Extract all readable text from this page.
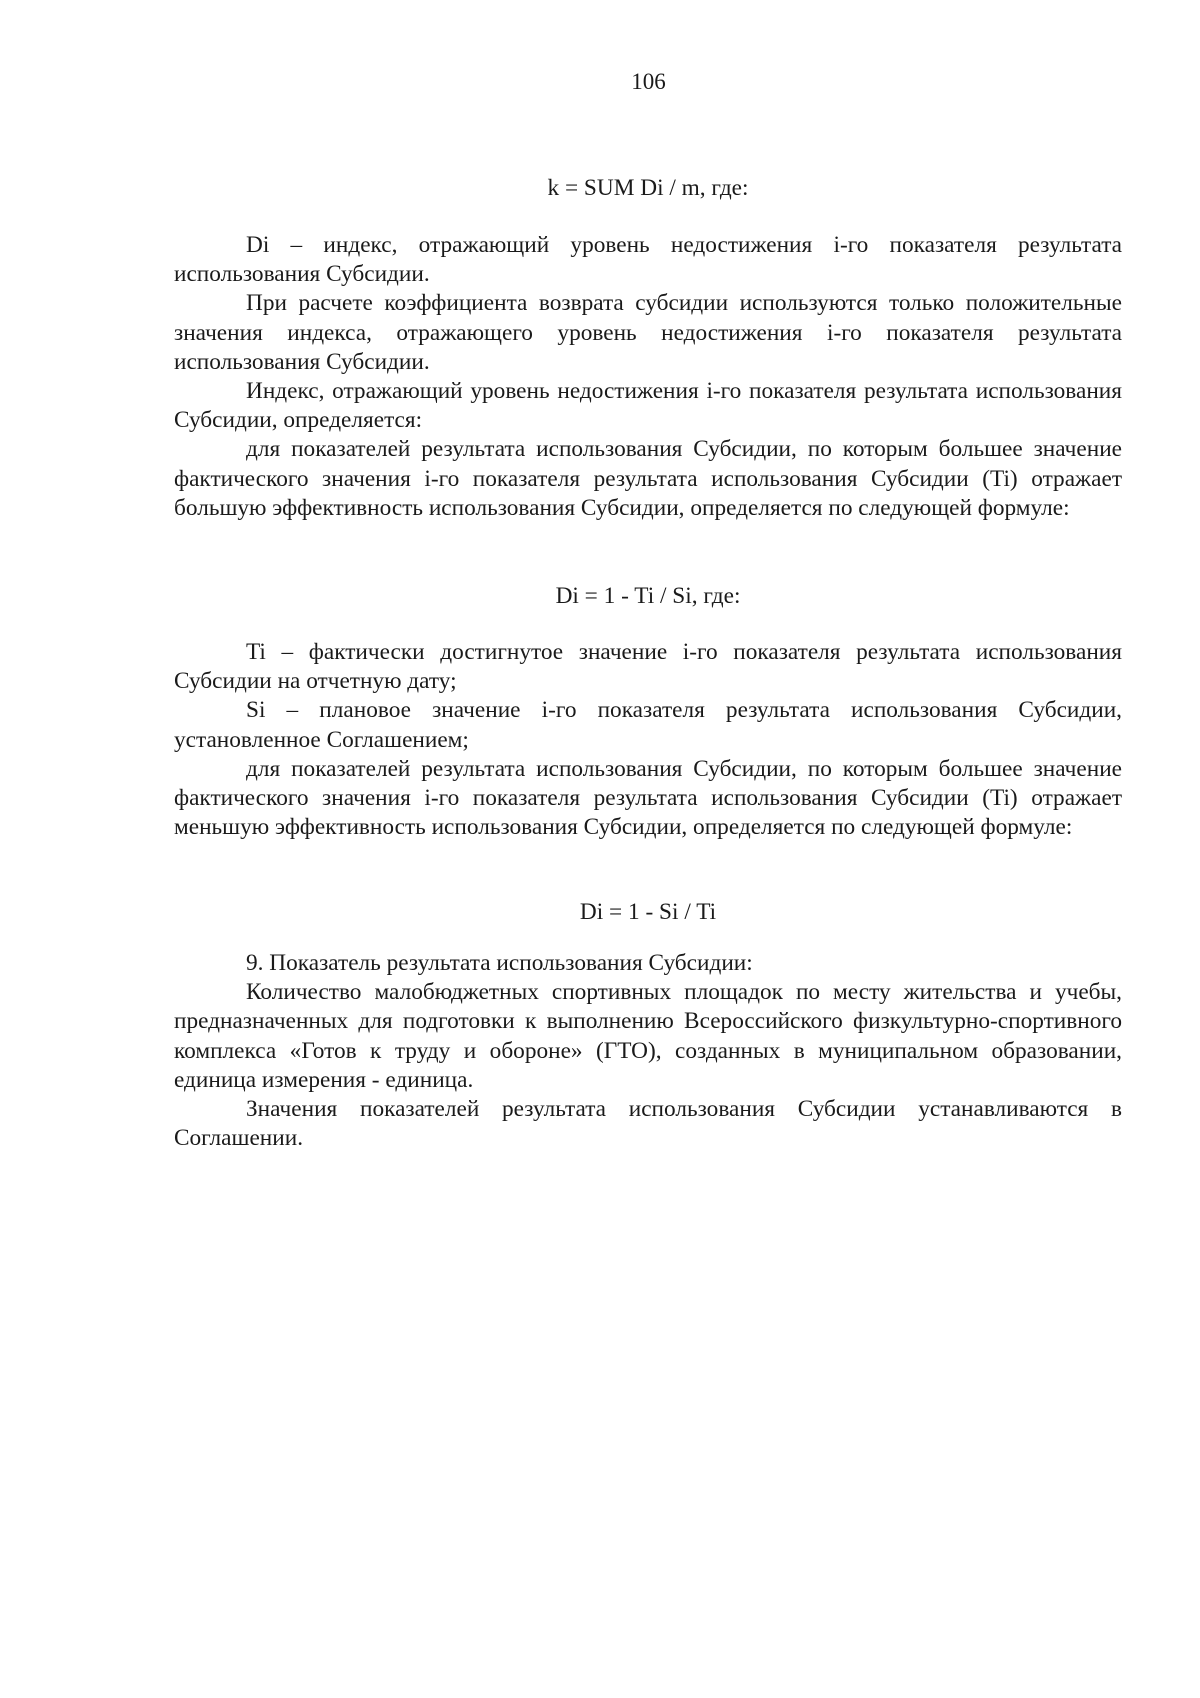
106
k = SUM Di / m, где:

Di – индекс, отражающий уровень недостижения i-го показателя результата использования Субсидии.

При расчете коэффициента возврата субсидии используются только положительные значения индекса, отражающего уровень недостижения i-го показателя результата использования Субсидии.

Индекс, отражающий уровень недостижения i-го показателя результата использования Субсидии, определяется:

для показателей результата использования Субсидии, по которым большее значение фактического значения i-го показателя результата использования Субсидии (Ti) отражает большую эффективность использования Субсидии, определяется по следующей формуле:

Ti – фактически достигнутое значение i-го показателя результата использования Субсидии на отчетную дату;

Si – плановое значение i-го показателя результата использования Субсидии, установленное Соглашением;

для показателей результата использования Субсидии, по которым большее значение фактического значения i-го показателя результата использования Субсидии (Ti) отражает меньшую эффективность использования Субсидии, определяется по следующей формуле:

9. Показатель результата использования Субсидии:

Количество малобюджетных спортивных площадок по месту жительства и учебы, предназначенных для подготовки к выполнению Всероссийского физкультурно-спортивного комплекса «Готов к труду и обороне» (ГТО), созданных в муниципальном образовании, единица измерения - единица.

Значения показателей результата использования Субсидии устанавливаются в Соглашении.

Di = 1 - Ti / Si, где:
Di = 1 - Si / Ti
